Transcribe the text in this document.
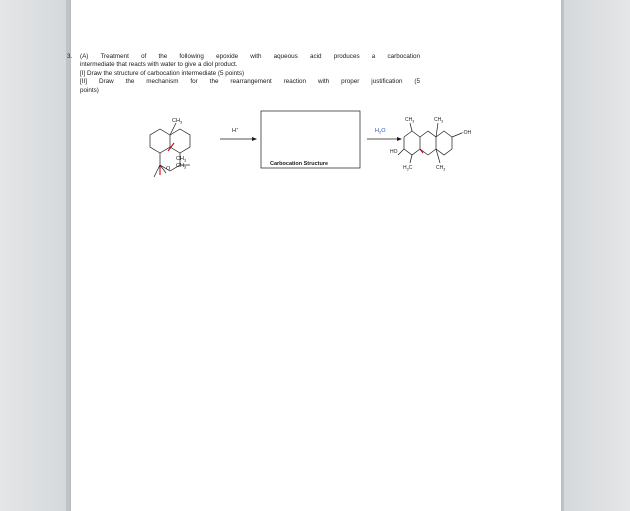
3. (A) Treatment of the following epoxide with aqueous acid produces a carbocation
intermediate that reacts with water to give a diol product.
[I] Draw the structure of carbocation intermediate (5 points)
[II] Draw the mechanism for the rearrangement reaction with proper justification (5
points)
$CH_3$
O
$CH_3$
$CH_3$
H+
Carbocation Structure
$H_2O$
$CH_3$
HO
$H_3C$
$CH_3$
-OH
$CH_3$
